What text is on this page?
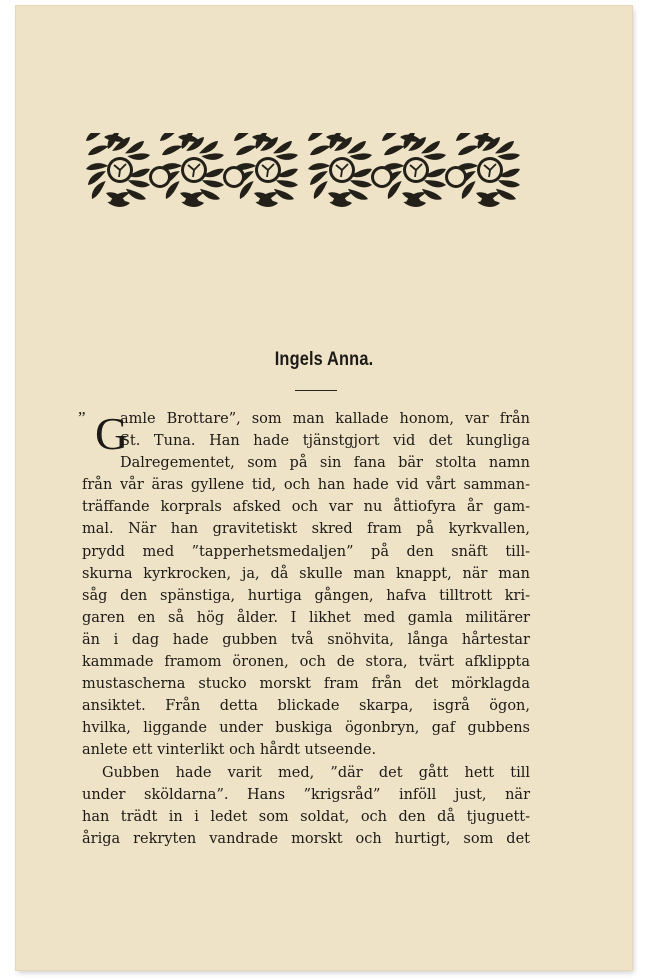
Ingels Anna.
” G
amle Brottare”, som man kallade honom, var från
St. Tuna. Han hade tjänstgjort vid det kungliga
Dalregementet, som på sin fana bär stolta namn
från vår äras gyllene tid, och han hade vid vårt samman-
träffande korprals afsked och var nu åttiofyra år gam-
mal. När han gravitetiskt skred fram på kyrkvallen,
prydd med ”tapperhetsmedaljen” på den snäft till-
skurna kyrkrocken, ja, då skulle man knappt, när man
såg den spänstiga, hurtiga gången, hafva tilltrott kri-
garen en så hög ålder. I likhet med gamla militärer
än i dag hade gubben två snöhvita, långa hårtestar
kammade framom öronen, och de stora, tvärt afklippta
mustascherna stucko morskt fram från det mörklagda
ansiktet. Från detta blickade skarpa, isgrå ögon,
hvilka, liggande under buskiga ögonbryn, gaf gubbens
anlete ett vinterlikt och hårdt utseende.
Gubben hade varit med, ”där det gått hett till
under sköldarna”. Hans ”krigsråd” inföll just, när
han trädt in i ledet som soldat, och den då tjuguett-
åriga rekryten vandrade morskt och hurtigt, som det
